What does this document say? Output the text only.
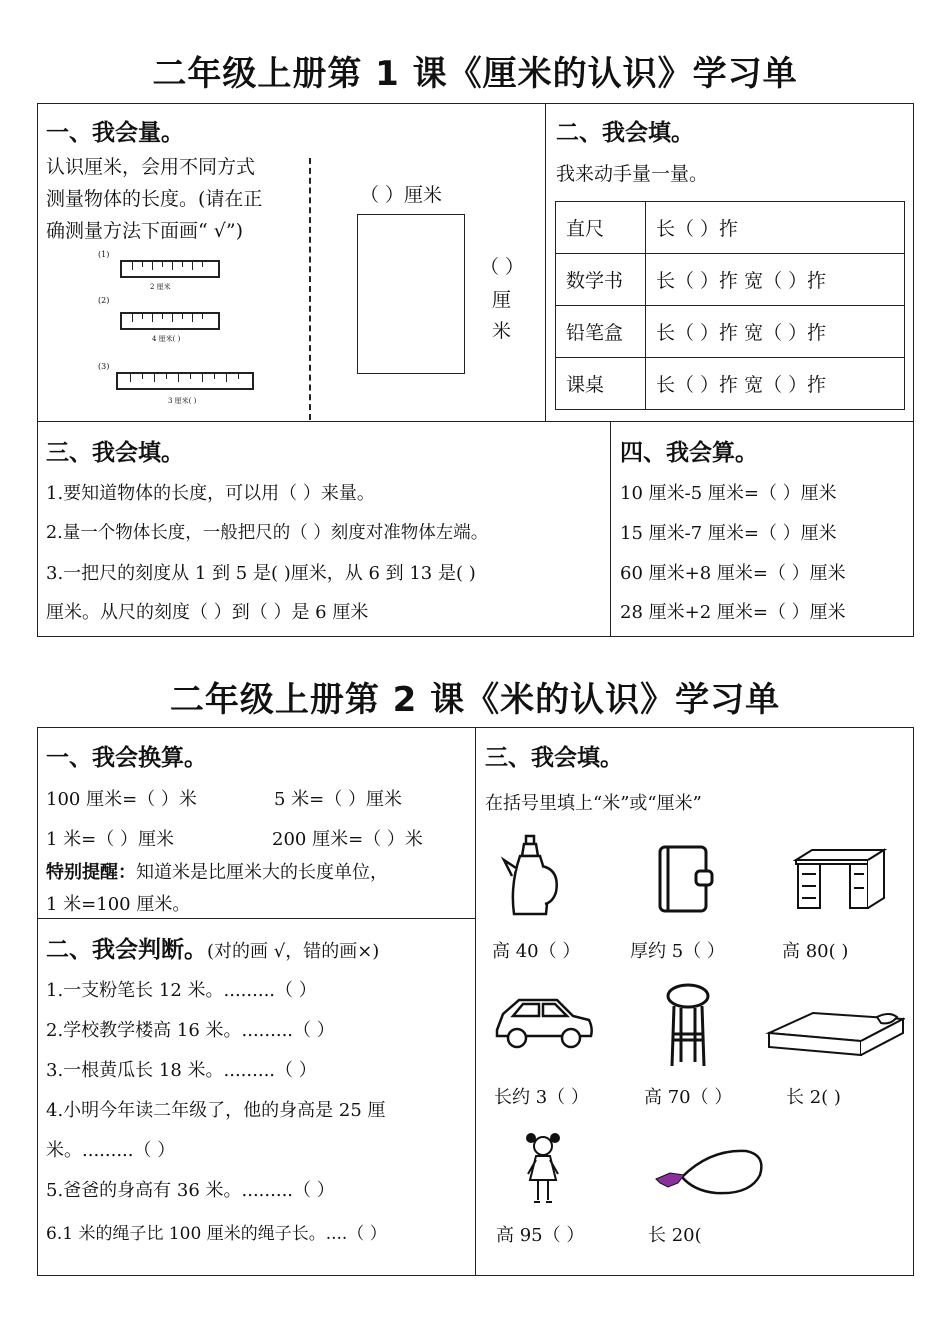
二年级上册第 1 课《厘米的认识》学习单
一、我会量。
认识厘米，会用不同方式
测量物体的长度。(请在正
确测量方法下面画“ √”)
(1)
2 厘米
(2)
4 厘米( )
(3)
3 厘米( )
（ ）厘米
（ ）
厘
米
二、我会填。
我来动手量一量。
直尺	长（ ）拃
数学书	长（ ）拃 宽（ ）拃
铅笔盒	长（ ）拃 宽（ ）拃
课桌	长（ ）拃 宽（ ）拃
三、我会填。
1.要知道物体的长度，可以用（ ）来量。
2.量一个物体长度，一般把尺的（ ）刻度对准物体左端。
3.一把尺的刻度从 1 到 5 是( )厘米，从 6 到 13 是( )
厘米。从尺的刻度（ ）到（ ）是 6 厘米
四、我会算。
10 厘米-5 厘米=（ ）厘米
15 厘米-7 厘米=（ ）厘米
60 厘米+8 厘米=（ ）厘米
28 厘米+2 厘米=（ ）厘米
二年级上册第 2 课《米的认识》学习单
一、我会换算。
100 厘米=（ ）米	5 米=（ ）厘米
1 米=（ ）厘米	200 厘米=（ ）米
特别提醒：知道米是比厘米大的长度单位，
1 米=100 厘米。
二、我会判断。(对的画 √，错的画×)
1.一支粉笔长 12 米。.........（ ）
2.学校教学楼高 16 米。.........（ ）
3.一根黄瓜长 18 米。.........（ ）
4.小明今年读二年级了，他的身高是 25 厘
米。.........（ ）
5.爸爸的身高有 36 米。.........（ ）
6.1 米的绳子比 100 厘米的绳子长。....（ ）
三、我会填。
在括号里填上“米”或“厘米”
高 40（ ）	厚约 5（ ）	高 80( )
长约 3（ ）	高 70（ ）	长 2( )
高 95（ ）	长 20(
